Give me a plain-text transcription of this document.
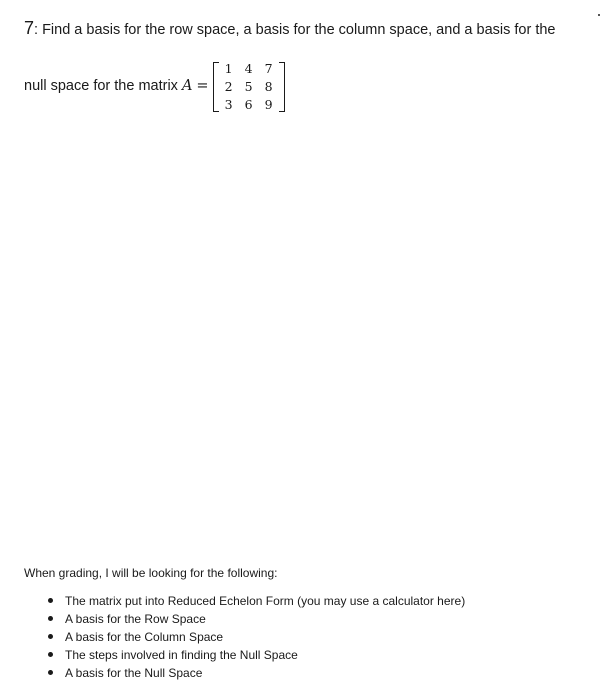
7: Find a basis for the row space, a basis for the column space, and a basis for the
null space for the matrix A =
1 4 7
2 5 8
3 6 9

When grading, I will be looking for the following:

The matrix put into Reduced Echelon Form (you may use a calculator here)
A basis for the Row Space
A basis for the Column Space
The steps involved in finding the Null Space
A basis for the Null Space
